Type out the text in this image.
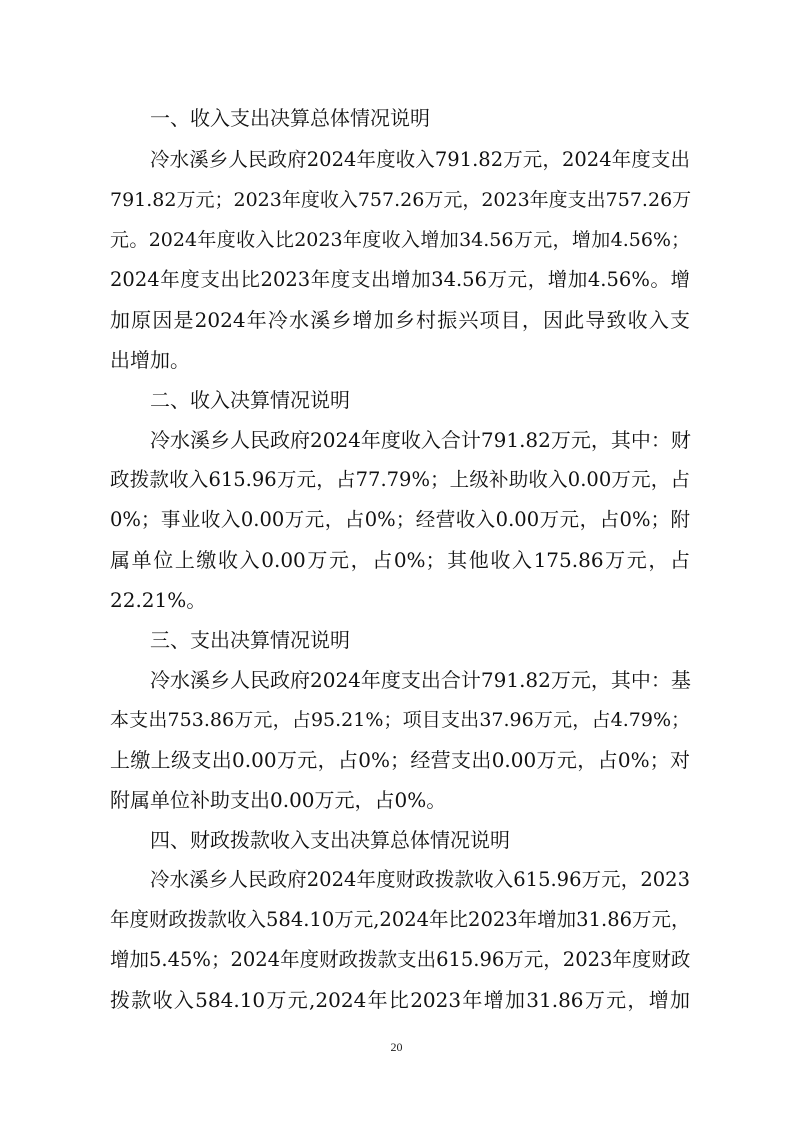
一、收入支出决算总体情况说明
冷水溪乡人民政府2024年度收入791.82万元，2024年度支出
791.82万元；2023年度收入757.26万元，2023年度支出757.26万
元。2024年度收入比2023年度收入增加34.56万元，增加4.56%；
2024年度支出比2023年度支出增加34.56万元，增加4.56%。增
加原因是2024年冷水溪乡增加乡村振兴项目，因此导致收入支
出增加。
二、收入决算情况说明
冷水溪乡人民政府2024年度收入合计791.82万元，其中：财
政拨款收入615.96万元，占77.79%；上级补助收入0.00万元，占
0%；事业收入0.00万元，占0%；经营收入0.00万元，占0%；附
属单位上缴收入0.00万元，占0%；其他收入175.86万元，占
22.21%。
三、支出决算情况说明
冷水溪乡人民政府2024年度支出合计791.82万元，其中：基
本支出753.86万元，占95.21%；项目支出37.96万元，占4.79%；
上缴上级支出0.00万元，占0%；经营支出0.00万元，占0%；对
附属单位补助支出0.00万元，占0%。
四、财政拨款收入支出决算总体情况说明
冷水溪乡人民政府2024年度财政拨款收入615.96万元，2023
年度财政拨款收入584.10万元,2024年比2023年增加31.86万元，
增加5.45%；2024年度财政拨款支出615.96万元，2023年度财政
拨款收入584.10万元,2024年比2023年增加31.86万元，增加
20
